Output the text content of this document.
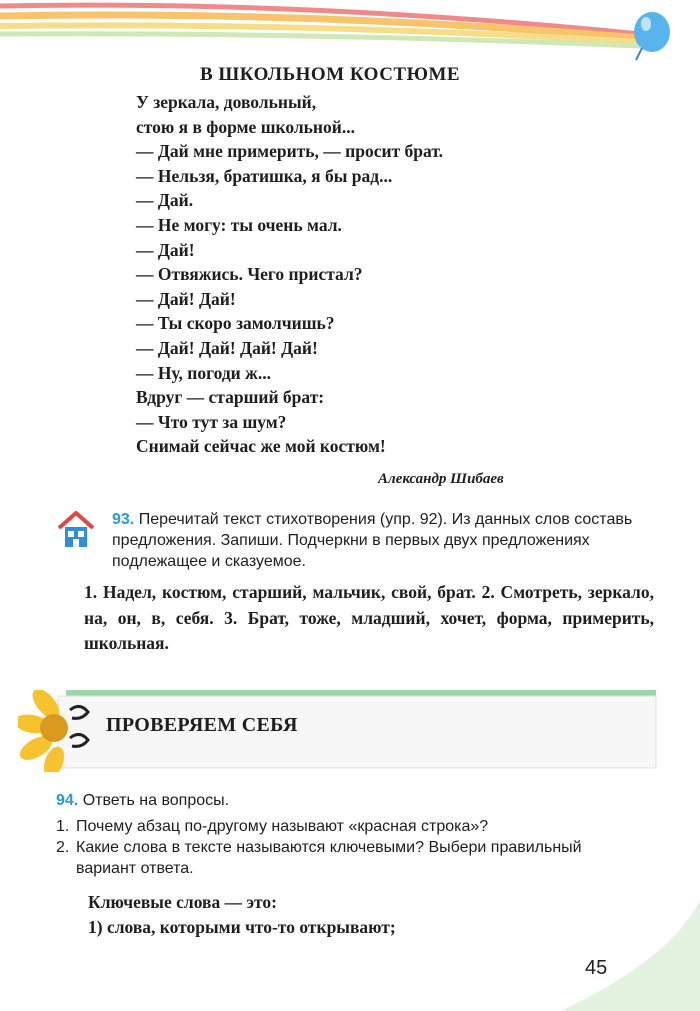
В ШКОЛЬНОМ КОСТЮМЕ
У зеркала, довольный,
стою я в форме школьной...
— Дай мне примерить, — просит брат.
— Нельзя, братишка, я бы рад...
— Дай.
— Не могу: ты очень мал.
— Дай!
— Отвяжись. Чего пристал?
— Дай! Дай!
— Ты скоро замолчишь?
— Дай! Дай! Дай! Дай!
— Ну, погоди ж...
Вдруг — старший брат:
— Что тут за шум?
Снимай сейчас же мой костюм!
Александр Шибаев
93. Перечитай текст стихотворения (упр. 92). Из данных слов составь предложения. Запиши. Подчеркни в первых двух предложениях подлежащее и сказуемое.
1. Надел, костюм, старший, мальчик, свой, брат. 2. Смотреть, зеркало, на, он, в, себя. 3. Брат, тоже, младший, хочет, форма, примерить, школьная.
ПРОВЕРЯЕМ СЕБЯ
94. Ответь на вопросы.
1. Почему абзац по-другому называют «красная строка»?
2. Какие слова в тексте называются ключевыми? Выбери правильный вариант ответа.
Ключевые слова — это:
1) слова, которыми что-то открывают;
45
